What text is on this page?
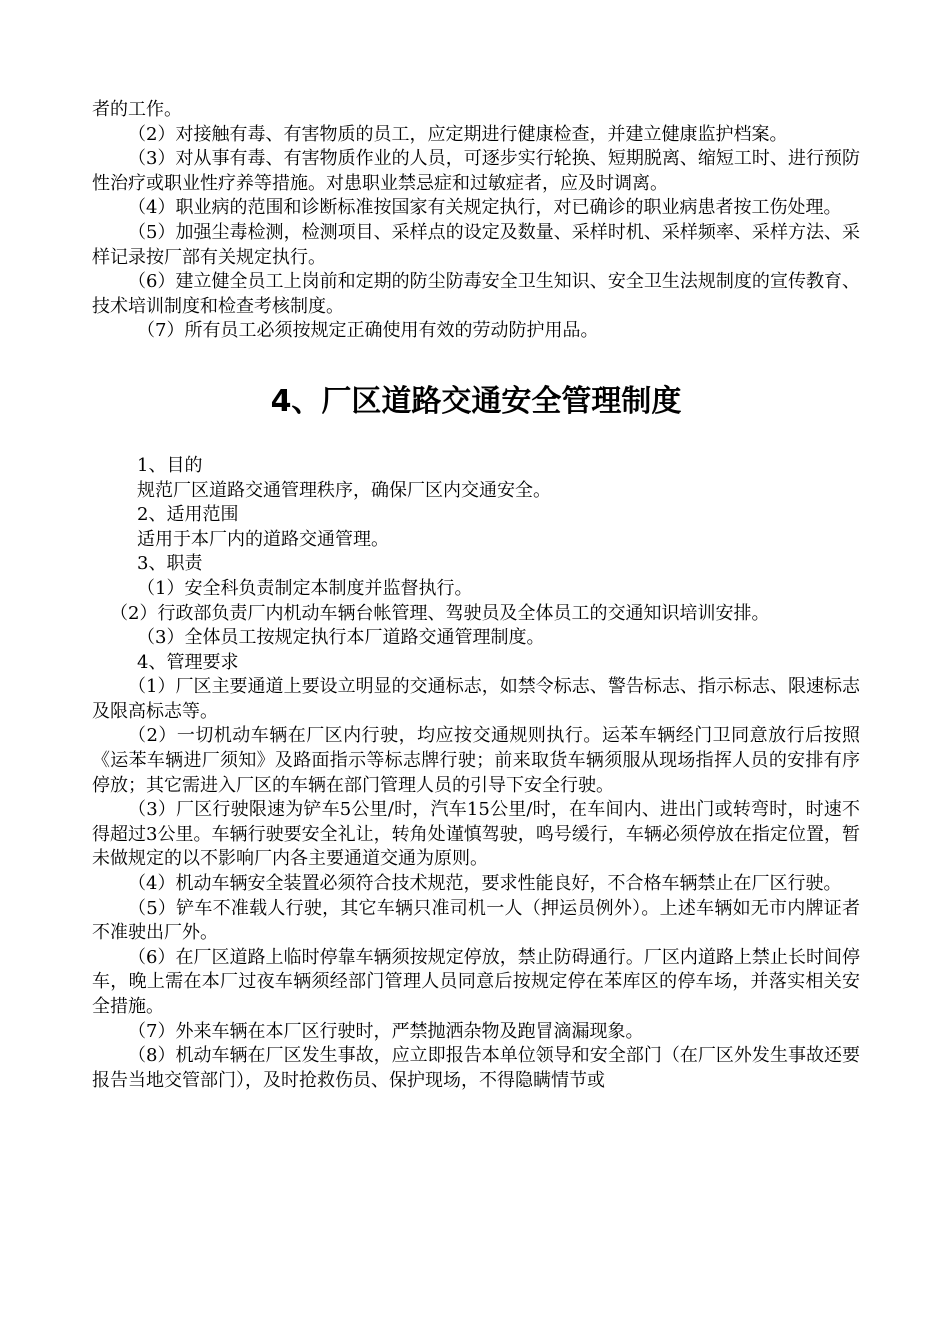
者的工作。

（2）对接触有毒、有害物质的员工，应定期进行健康检查，并建立健康监护档案。

（3）对从事有毒、有害物质作业的人员，可逐步实行轮换、短期脱离、缩短工时、进行预防性治疗或职业性疗养等措施。对患职业禁忌症和过敏症者，应及时调离。

（4）职业病的范围和诊断标准按国家有关规定执行，对已确诊的职业病患者按工伤处理。

（5）加强尘毒检测，检测项目、采样点的设定及数量、采样时机、采样频率、采样方法、采样记录按厂部有关规定执行。

（6）建立健全员工上岗前和定期的防尘防毒安全卫生知识、安全卫生法规制度的宣传教育、技术培训制度和检查考核制度。

（7）所有员工必须按规定正确使用有效的劳动防护用品。

4、厂区道路交通安全管理制度

1、目的

规范厂区道路交通管理秩序，确保厂区内交通安全。

2、适用范围

适用于本厂内的道路交通管理。

3、职责

（1）安全科负责制定本制度并监督执行。

（2）行政部负责厂内机动车辆台帐管理、驾驶员及全体员工的交通知识培训安排。

（3）全体员工按规定执行本厂道路交通管理制度。

4、管理要求

（1）厂区主要通道上要设立明显的交通标志，如禁令标志、警告标志、指示标志、限速标志及限高标志等。

（2）一切机动车辆在厂区内行驶，均应按交通规则执行。运苯车辆经门卫同意放行后按照《运苯车辆进厂须知》及路面指示等标志牌行驶；前来取货车辆须服从现场指挥人员的安排有序停放；其它需进入厂区的车辆在部门管理人员的引导下安全行驶。

（3）厂区行驶限速为铲车5公里/时，汽车15公里/时，在车间内、进出门或转弯时，时速不得超过3公里。车辆行驶要安全礼让，转角处谨慎驾驶，鸣号缓行，车辆必须停放在指定位置，暂未做规定的以不影响厂内各主要通道交通为原则。

（4）机动车辆安全装置必须符合技术规范，要求性能良好，不合格车辆禁止在厂区行驶。

（5）铲车不准载人行驶，其它车辆只准司机一人（押运员例外）。上述车辆如无市内牌证者不准驶出厂外。

（6）在厂区道路上临时停靠车辆须按规定停放，禁止防碍通行。厂区内道路上禁止长时间停车，晚上需在本厂过夜车辆须经部门管理人员同意后按规定停在苯库区的停车场，并落实相关安全措施。

（7）外来车辆在本厂区行驶时，严禁抛洒杂物及跑冒滴漏现象。

（8）机动车辆在厂区发生事故，应立即报告本单位领导和安全部门（在厂区外发生事故还要报告当地交管部门），及时抢救伤员、保护现场，不得隐瞒情节或
